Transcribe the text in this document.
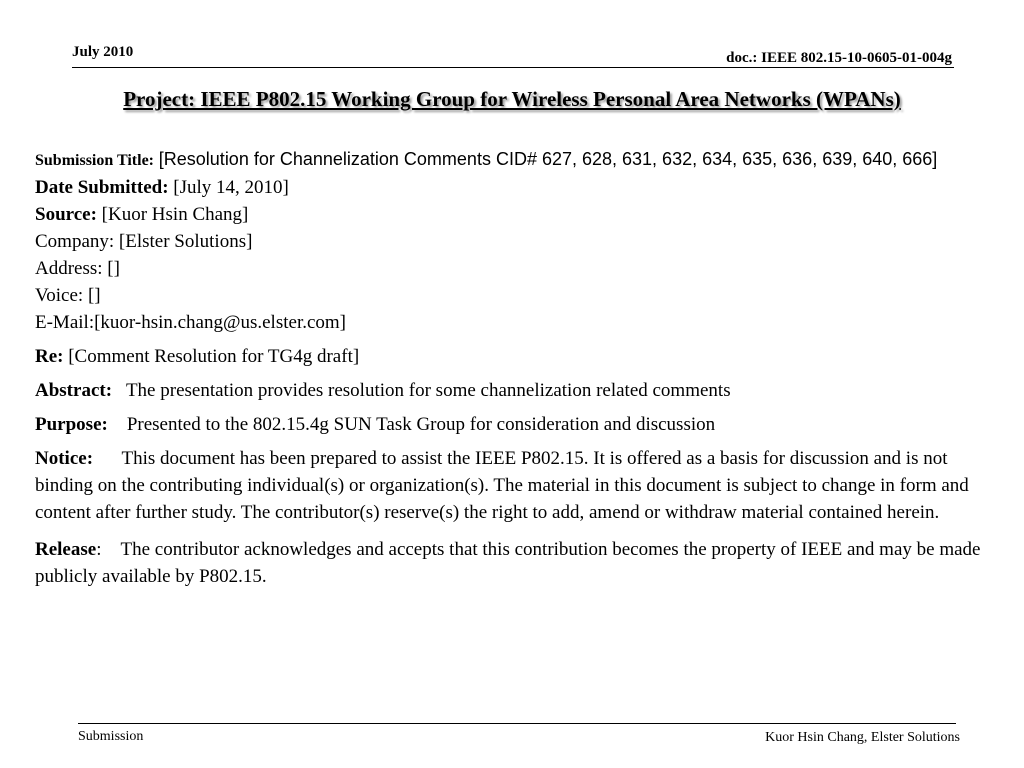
July 2010	doc.: IEEE 802.15-10-0605-01-004g
Project: IEEE P802.15 Working Group for Wireless Personal Area Networks (WPANs)

Submission Title: [Resolution for Channelization Comments CID# 627, 628, 631, 632, 634, 635, 636, 639, 640, 666]

Date Submitted: [July 14, 2010]

Source: [Kuor Hsin Chang]

Company: [Elster Solutions]

Address: []

Voice: []

E-Mail:[kuor-hsin.chang@us.elster.com]

Re: [Comment Resolution for TG4g draft]

Abstract: The presentation provides resolution for some channelization related comments

Purpose: Presented to the 802.15.4g SUN Task Group for consideration and discussion

Notice: This document has been prepared to assist the IEEE P802.15. It is offered as a basis for discussion and is not binding on the contributing individual(s) or organization(s). The material in this document is subject to change in form and content after further study. The contributor(s) reserve(s) the right to add, amend or withdraw material contained herein.

Release: The contributor acknowledges and accepts that this contribution becomes the property of IEEE and may be made publicly available by P802.15.

Submission	Kuor Hsin Chang, Elster Solutions
